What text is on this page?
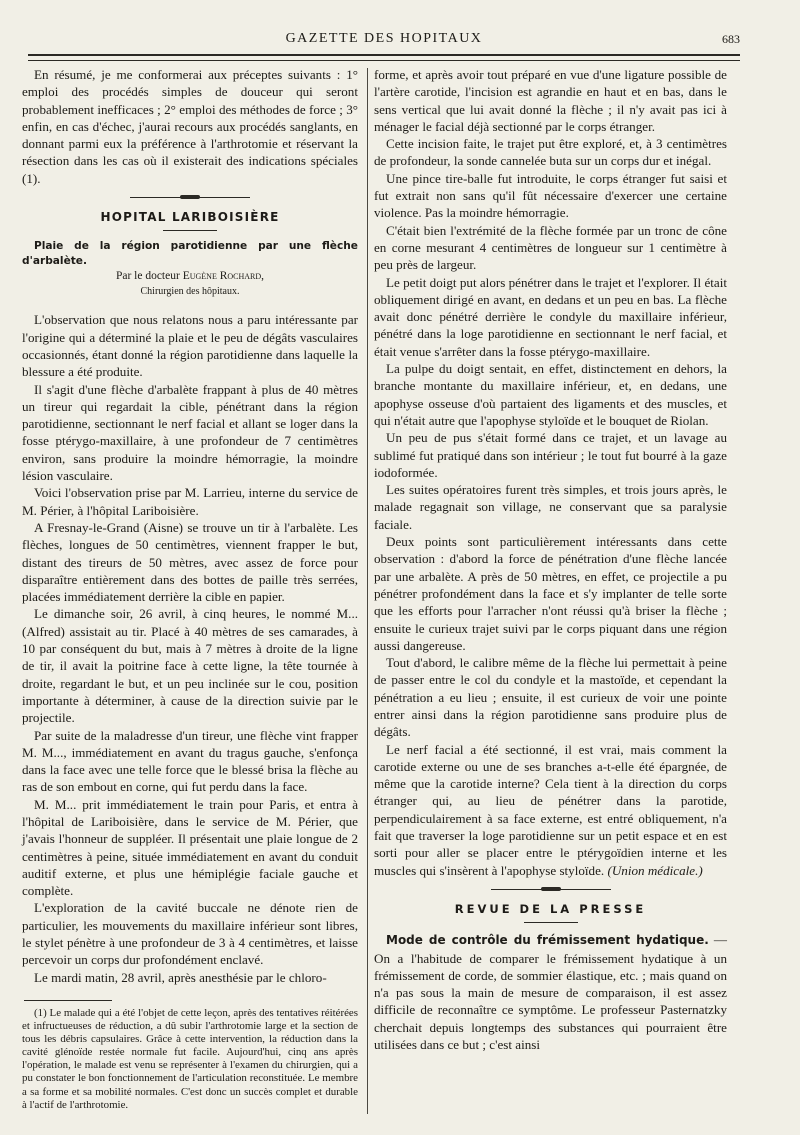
GAZETTE DES HOPITAUX	683

En résumé, je me conformerai aux préceptes suivants : 1° emploi des procédés simples de douceur qui seront probablement inefficaces ; 2° emploi des méthodes de force ; 3° enfin, en cas d'échec, j'aurai recours aux procédés sanglants, en donnant parmi eux la préférence à l'arthrotomie et réservant la résection dans les cas où il existerait des indications spéciales (1).

HOPITAL LARIBOISIÈRE

Plaie de la région parotidienne par une flèche d'arbalète.

Par le docteur Eugène Rochard,
Chirurgien des hôpitaux.

L'observation que nous relatons nous a paru intéressante par l'origine qui a déterminé la plaie et le peu de dégâts vasculaires occasionnés, étant donné la région parotidienne dans laquelle la blessure a été produite.

Il s'agit d'une flèche d'arbalète frappant à plus de 40 mètres un tireur qui regardait la cible, pénétrant dans la région parotidienne, sectionnant le nerf facial et allant se loger dans la fosse ptérygo-maxillaire, à une profondeur de 7 centimètres environ, sans produire la moindre hémorragie, la moindre lésion vasculaire.

Voici l'observation prise par M. Larrieu, interne du service de M. Périer, à l'hôpital Lariboisière.

A Fresnay-le-Grand (Aisne) se trouve un tir à l'arbalète. Les flèches, longues de 50 centimètres, viennent frapper le but, distant des tireurs de 50 mètres, avec assez de force pour disparaître entièrement dans des bottes de paille très serrées, placées immédiatement derrière la cible en papier.

Le dimanche soir, 26 avril, à cinq heures, le nommé M... (Alfred) assistait au tir. Placé à 40 mètres de ses camarades, à 10 par conséquent du but, mais à 7 mètres à droite de la ligne de tir, il avait la poitrine face à cette ligne, la tête tournée à droite, regardant le but, et un peu inclinée sur le cou, position importante à déterminer, à cause de la direction suivie par le projectile.

Par suite de la maladresse d'un tireur, une flèche vint frapper M. M..., immédiatement en avant du tragus gauche, s'enfonça dans la face avec une telle force que le blessé brisa la flèche au ras de son embout en corne, qui fut perdu dans la face.

M. M... prit immédiatement le train pour Paris, et entra à l'hôpital de Lariboisière, dans le service de M. Périer, que j'avais l'honneur de suppléer. Il présentait une plaie longue de 2 centimètres à peine, située immédiatement en avant du conduit auditif externe, et plus une hémiplégie faciale gauche et complète.

L'exploration de la cavité buccale ne dénote rien de particulier, les mouvements du maxillaire inférieur sont libres, le stylet pénètre à une profondeur de 3 à 4 centimètres, et laisse percevoir un corps dur profondément enclavé.

Le mardi matin, 28 avril, après anesthésie par le chloro-

(1) Le malade qui a été l'objet de cette leçon, après des tentatives réitérées et infructueuses de réduction, a dû subir l'arthrotomie large et la section de tous les débris capsulaires. Grâce à cette intervention, la réduction dans la cavité glénoïde restée normale fut facile. Aujourd'hui, cinq ans après l'opération, le malade est venu se représenter à l'examen du chirurgien, qui a pu constater le bon fonctionnement de l'articulation reconstituée. Le membre a sa forme et sa mobilité normales. C'est donc un succès complet et durable à l'actif de l'arthrotomie.

forme, et après avoir tout préparé en vue d'une ligature possible de l'artère carotide, l'incision est agrandie en haut et en bas, dans le sens vertical que lui avait donné la flèche ; il n'y avait pas ici à ménager le facial déjà sectionné par le corps étranger.

Cette incision faite, le trajet put être exploré, et, à 3 centimètres de profondeur, la sonde cannelée buta sur un corps dur et inégal.

Une pince tire-balle fut introduite, le corps étranger fut saisi et fut extrait non sans qu'il fût nécessaire d'exercer une certaine violence. Pas la moindre hémorragie.

C'était bien l'extrémité de la flèche formée par un tronc de cône en corne mesurant 4 centimètres de longueur sur 1 centimètre à peu près de largeur.

Le petit doigt put alors pénétrer dans le trajet et l'explorer. Il était obliquement dirigé en avant, en dedans et un peu en bas. La flèche avait donc pénétré derrière le condyle du maxillaire inférieur, pénétré dans la loge parotidienne en sectionnant le nerf facial, et était venue s'arrêter dans la fosse ptérygo-maxillaire.

La pulpe du doigt sentait, en effet, distinctement en dehors, la branche montante du maxillaire inférieur, et, en dedans, une apophyse osseuse d'où partaient des ligaments et des muscles, et qui n'était autre que l'apophyse styloïde et le bouquet de Riolan.

Un peu de pus s'était formé dans ce trajet, et un lavage au sublimé fut pratiqué dans son intérieur ; le tout fut bourré à la gaze iodoformée.

Les suites opératoires furent très simples, et trois jours après, le malade regagnait son village, ne conservant que sa paralysie faciale.

Deux points sont particulièrement intéressants dans cette observation : d'abord la force de pénétration d'une flèche lancée par une arbalète. A près de 50 mètres, en effet, ce projectile a pu pénétrer profondément dans la face et s'y implanter de telle sorte que les efforts pour l'arracher n'ont réussi qu'à briser la flèche ; ensuite le curieux trajet suivi par le corps piquant dans une région aussi dangereuse.

Tout d'abord, le calibre même de la flèche lui permettait à peine de passer entre le col du condyle et la mastoïde, et cependant la pénétration a eu lieu ; ensuite, il est curieux de voir une pointe entrer ainsi dans la région parotidienne sans produire plus de dégâts.

Le nerf facial a été sectionné, il est vrai, mais comment la carotide externe ou une de ses branches a-t-elle été épargnée, de même que la carotide interne? Cela tient à la direction du corps étranger qui, au lieu de pénétrer dans la parotide, perpendiculairement à sa face externe, est entré obliquement, n'a fait que traverser la loge parotidienne sur un petit espace et en est sorti pour aller se placer entre le ptérygoïdien interne et les muscles qui s'insèrent à l'apophyse styloïde. (Union médicale.)

REVUE DE LA PRESSE

Mode de contrôle du frémissement hydatique. — On a l'habitude de comparer le frémissement hydatique à un frémissement de corde, de sommier élastique, etc. ; mais quand on n'a pas sous la main de mesure de comparaison, il est assez difficile de reconnaître ce symptôme. Le professeur Pasternatzky cherchait depuis longtemps des substances qui pourraient être utilisées dans ce but ; c'est ainsi
